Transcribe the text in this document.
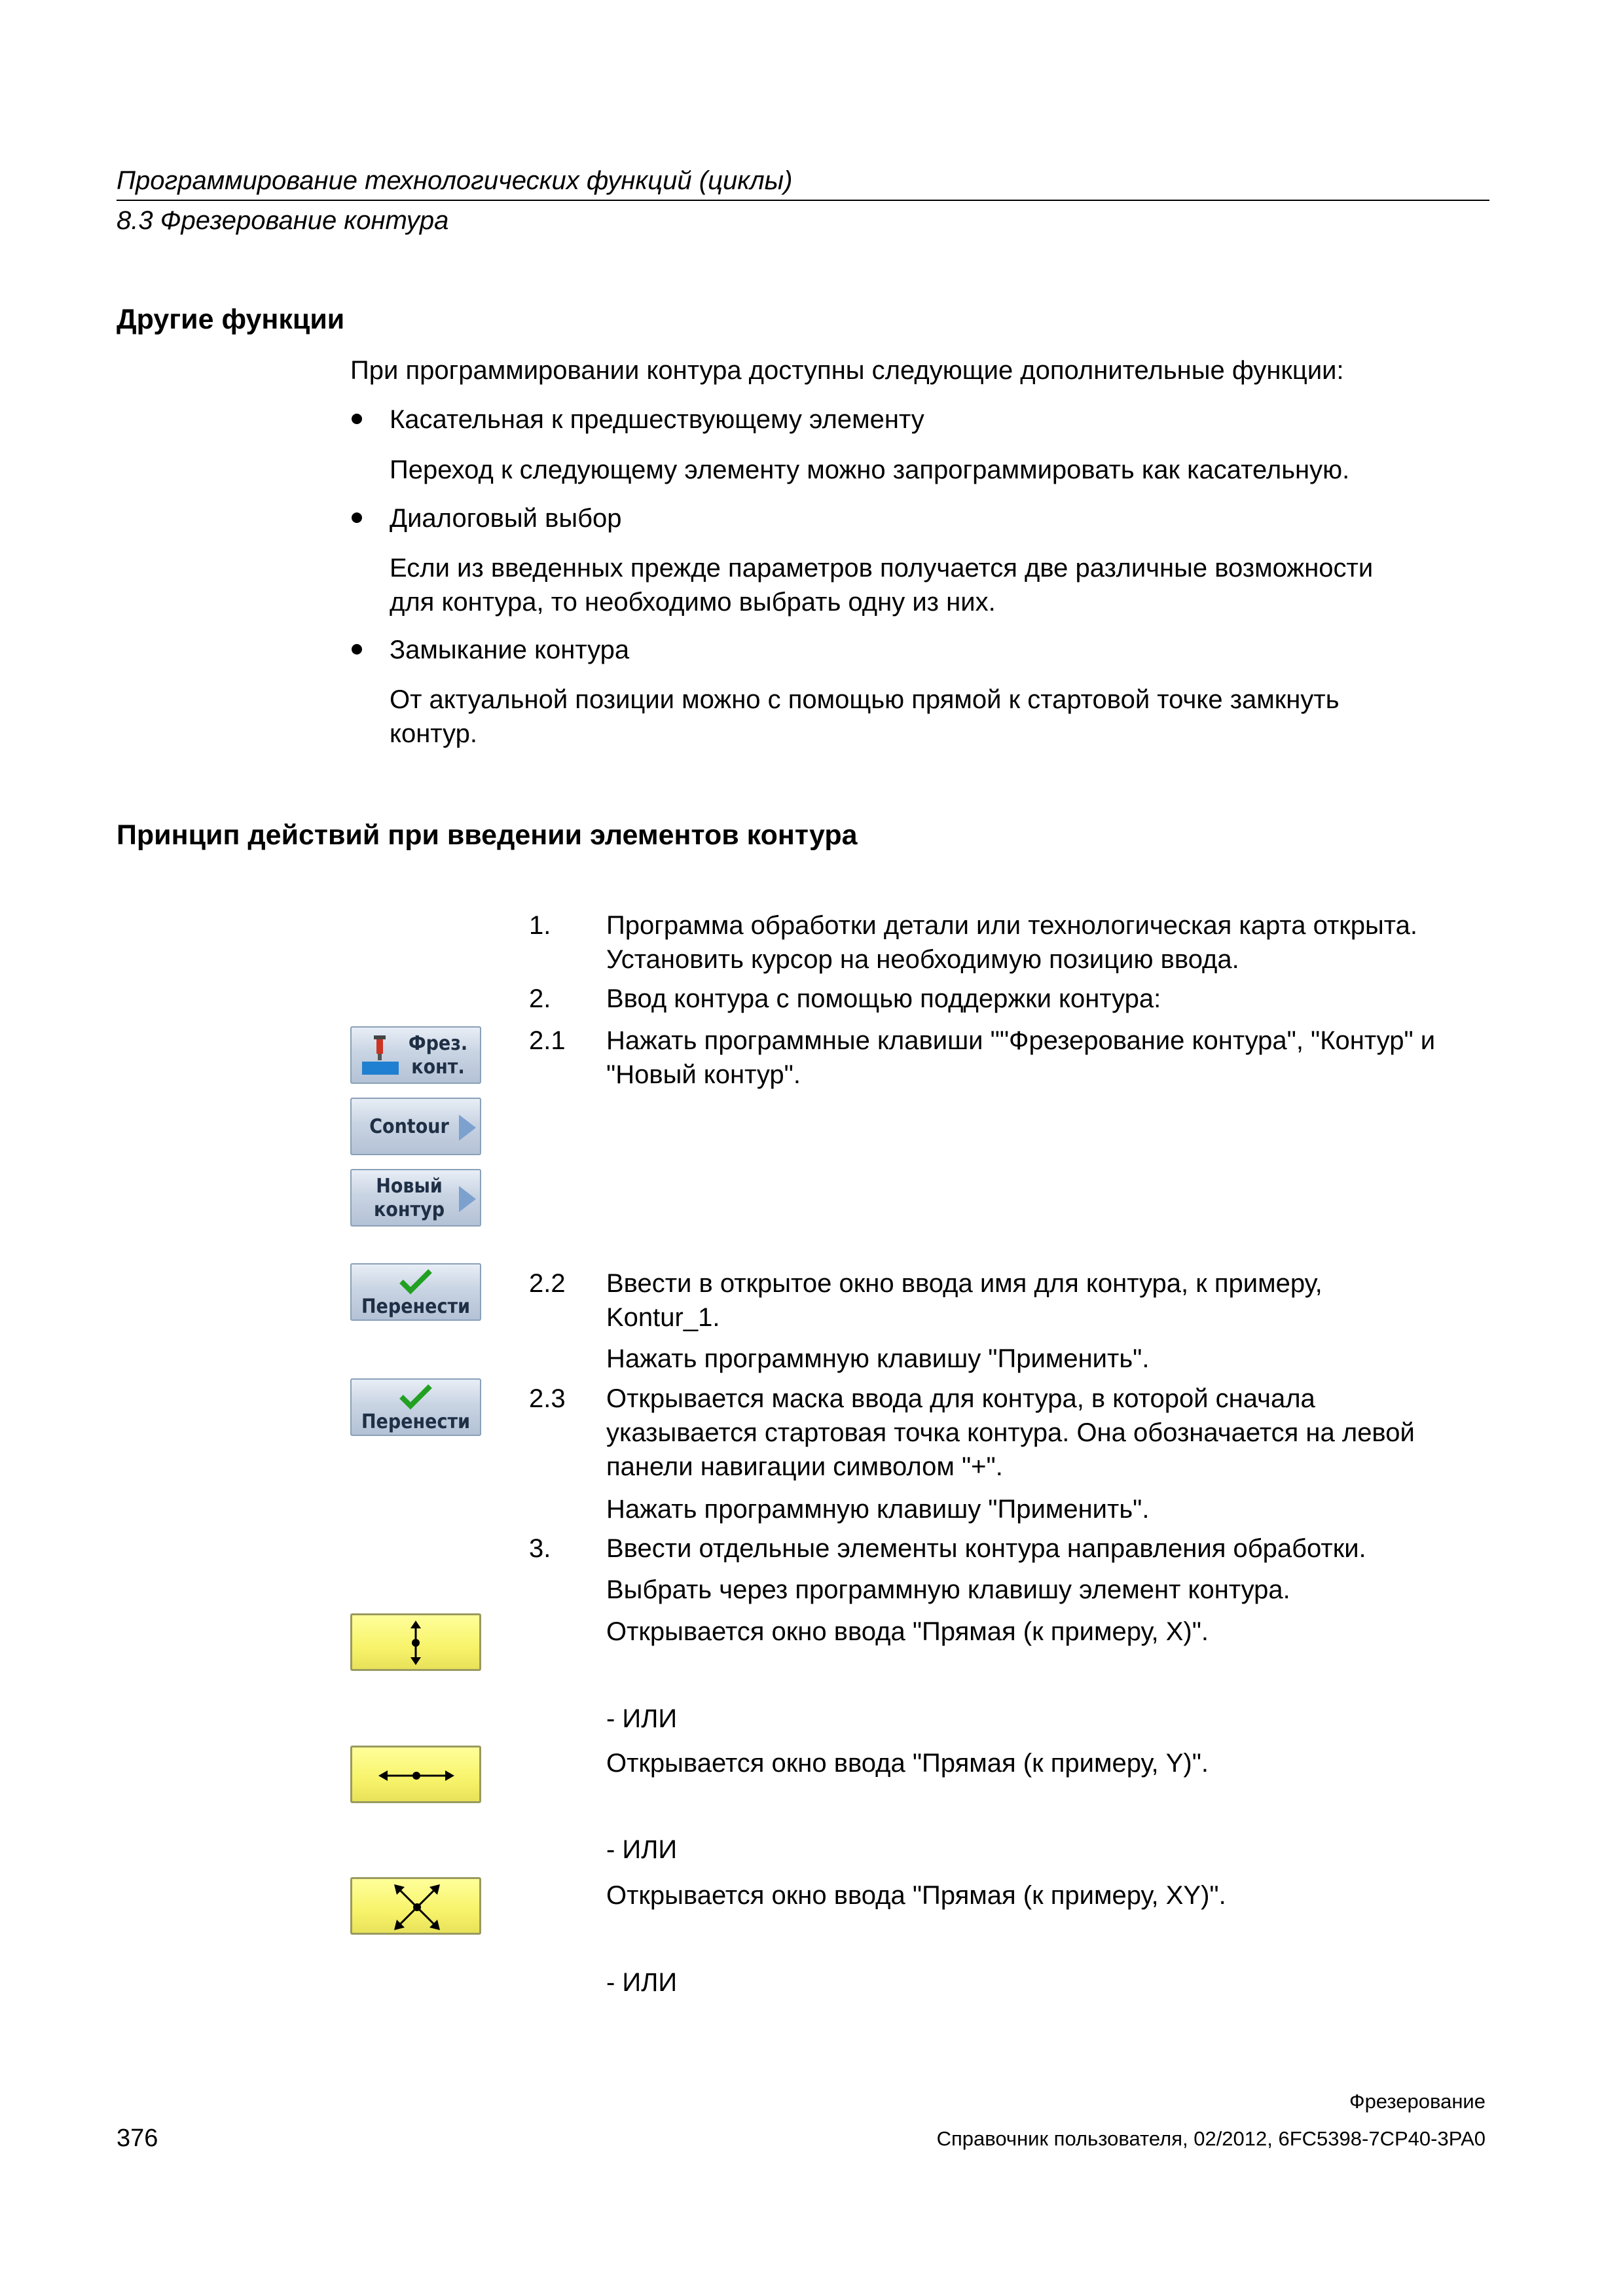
Программирование технологических функций (циклы)
8.3 Фрезерование контура
Другие функции
При программировании контура доступны следующие дополнительные функции:
Касательная к предшествующему элементу
Переход к следующему элементу можно запрограммировать как касательную.
Диалоговый выбор
Если из введенных прежде параметров получается две различные возможности
для контура, то необходимо выбрать одну из них.
Замыкание контура
От актуальной позиции можно с помощью прямой к стартовой точке замкнуть
контур.
Принцип действий при введении элементов контура
1. Программа обработки детали или технологическая карта открыта.
Установить курсор на необходимую позицию ввода.
2. Ввод контура с помощью поддержки контура:
2.1 Нажать программные клавиши ""Фрезерование контура", "Контур" и
"Новый контур".
2.2 Ввести в открытое окно ввода имя для контура, к примеру,
Kontur_1.
Нажать программную клавишу "Применить".
2.3 Открывается маска ввода для контура, в которой сначала
указывается стартовая точка контура. Она обозначается на левой
панели навигации символом "+".
Нажать программную клавишу "Применить".
3. Ввести отдельные элементы контура направления обработки.
Выбрать через программную клавишу элемент контура.
Открывается окно ввода "Прямая (к примеру, X)".
- ИЛИ
Открывается окно ввода "Прямая (к примеру, Y)".
- ИЛИ
Открывается окно ввода "Прямая (к примеру, XY)".
- ИЛИ
Фрез.
конт.
Contour
Новый
контур
Перенести
Перенести
Фрезерование
376	Справочник пользователя, 02/2012, 6FC5398-7CP40-3PA0
